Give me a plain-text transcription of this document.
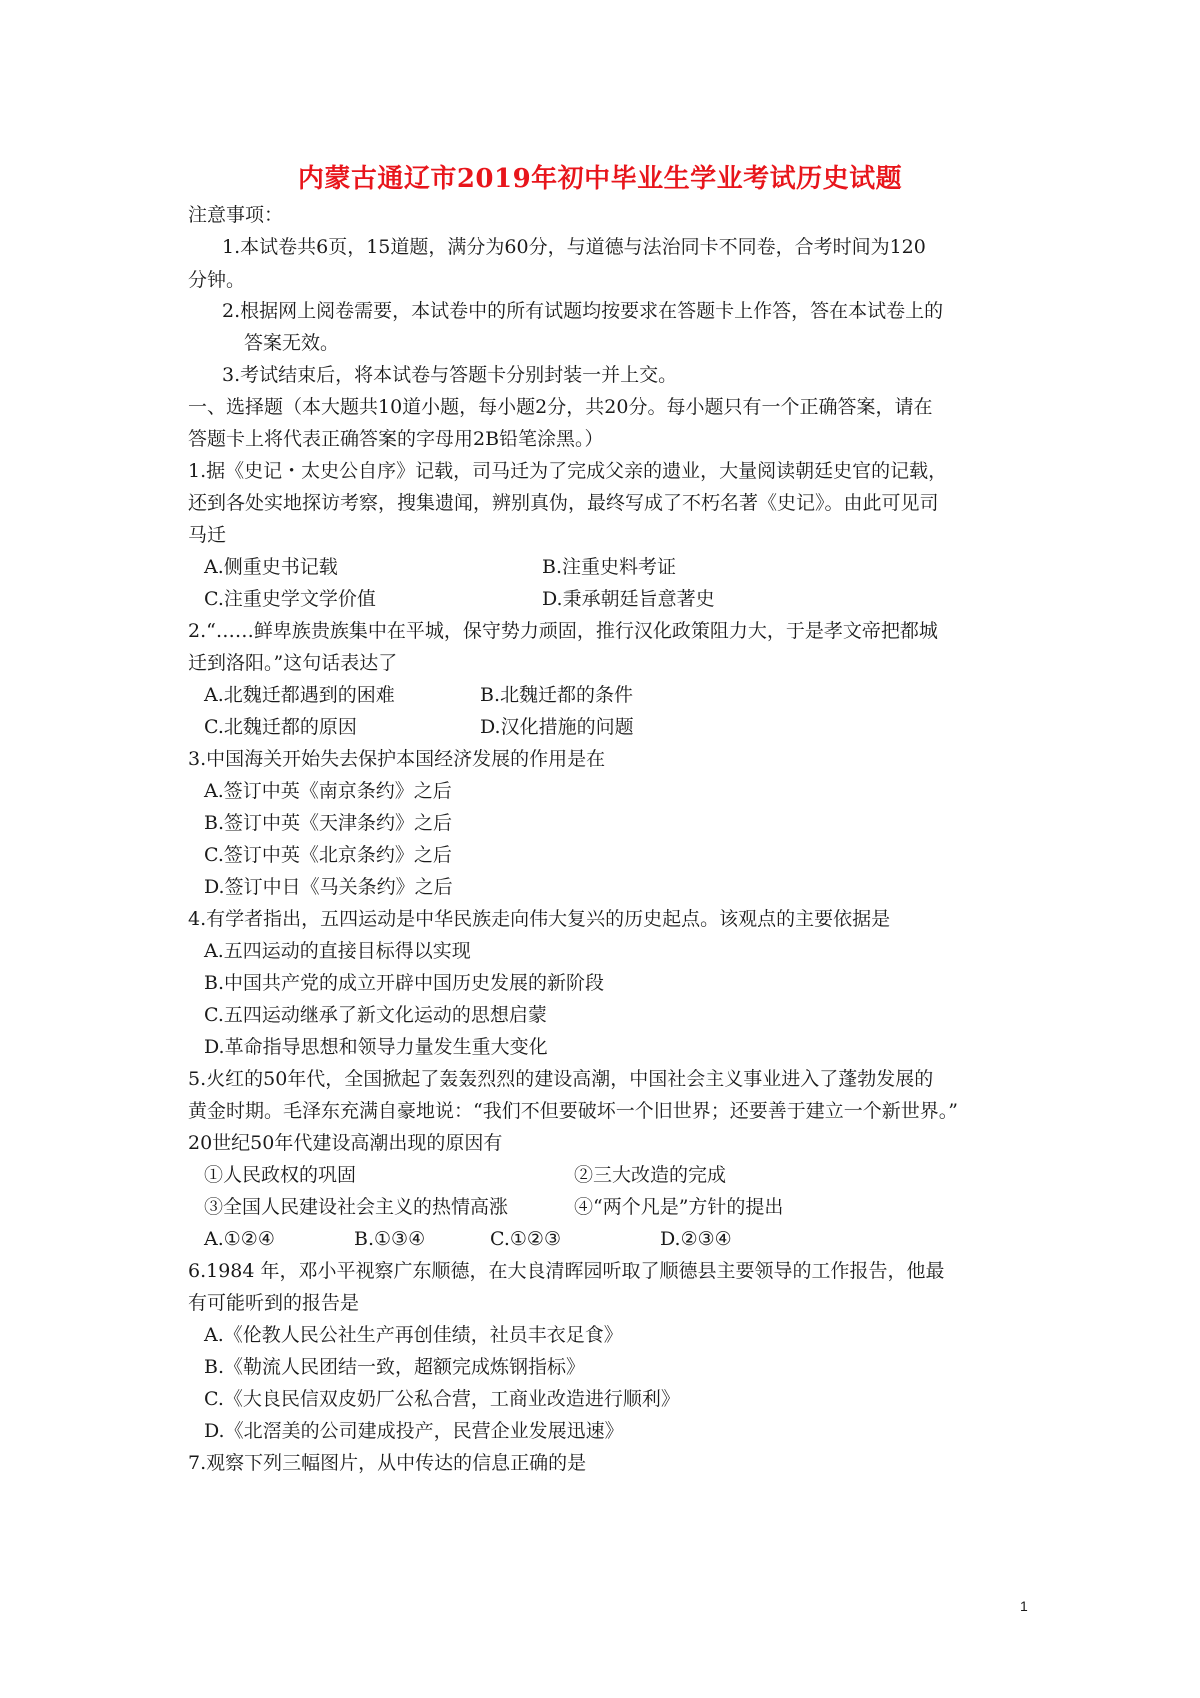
内蒙古通辽市2019年初中毕业生学业考试历史试题
注意事项：
1.本试卷共6页，15道题，满分为60分，与道德与法治同卡不同卷，合考时间为120
分钟。
2.根据网上阅卷需要，本试卷中的所有试题均按要求在答题卡上作答，答在本试卷上的
答案无效。
3.考试结束后，将本试卷与答题卡分别封装一并上交。
一、选择题（本大题共10道小题，每小题2分，共20分。每小题只有一个正确答案，请在
答题卡上将代表正确答案的字母用2B铅笔涂黑。）
1.据《史记・太史公自序》记载，司马迁为了完成父亲的遗业，大量阅读朝廷史官的记载，
还到各处实地探访考察，搜集遗闻，辨别真伪，最终写成了不朽名著《史记》。由此可见司
马迁
A.侧重史书记载	B.注重史料考证
C.注重史学文学价值	D.秉承朝廷旨意著史
2.“……鲜卑族贵族集中在平城，保守势力顽固，推行汉化政策阻力大，于是孝文帝把都城
迁到洛阳。”这句话表达了
A.北魏迁都遇到的困难	B.北魏迁都的条件
C.北魏迁都的原因	D.汉化措施的问题
3.中国海关开始失去保护本国经济发展的作用是在
A.签订中英《南京条约》之后
B.签订中英《天津条约》之后
C.签订中英《北京条约》之后
D.签订中日《马关条约》之后
4.有学者指出，五四运动是中华民族走向伟大复兴的历史起点。该观点的主要依据是
A.五四运动的直接目标得以实现
B.中国共产党的成立开辟中国历史发展的新阶段
C.五四运动继承了新文化运动的思想启蒙
D.革命指导思想和领导力量发生重大变化
5.火红的50年代，全国掀起了轰轰烈烈的建设高潮，中国社会主义事业进入了蓬勃发展的
黄金时期。毛泽东充满自豪地说：“我们不但要破坏一个旧世界；还要善于建立一个新世界。”
20世纪50年代建设高潮出现的原因有
①人民政权的巩固	②三大改造的完成
③全国人民建设社会主义的热情高涨	④“两个凡是”方针的提出
A.①②④	B.①③④	C.①②③	D.②③④
6.1984 年，邓小平视察广东顺德，在大良清晖园听取了顺德县主要领导的工作报告，他最
有可能听到的报告是
A.《伦教人民公社生产再创佳绩，社员丰衣足食》
B.《勒流人民团结一致，超额完成炼钢指标》
C.《大良民信双皮奶厂公私合营，工商业改造进行顺利》
D.《北滘美的公司建成投产，民营企业发展迅速》
7.观察下列三幅图片，从中传达的信息正确的是
1
